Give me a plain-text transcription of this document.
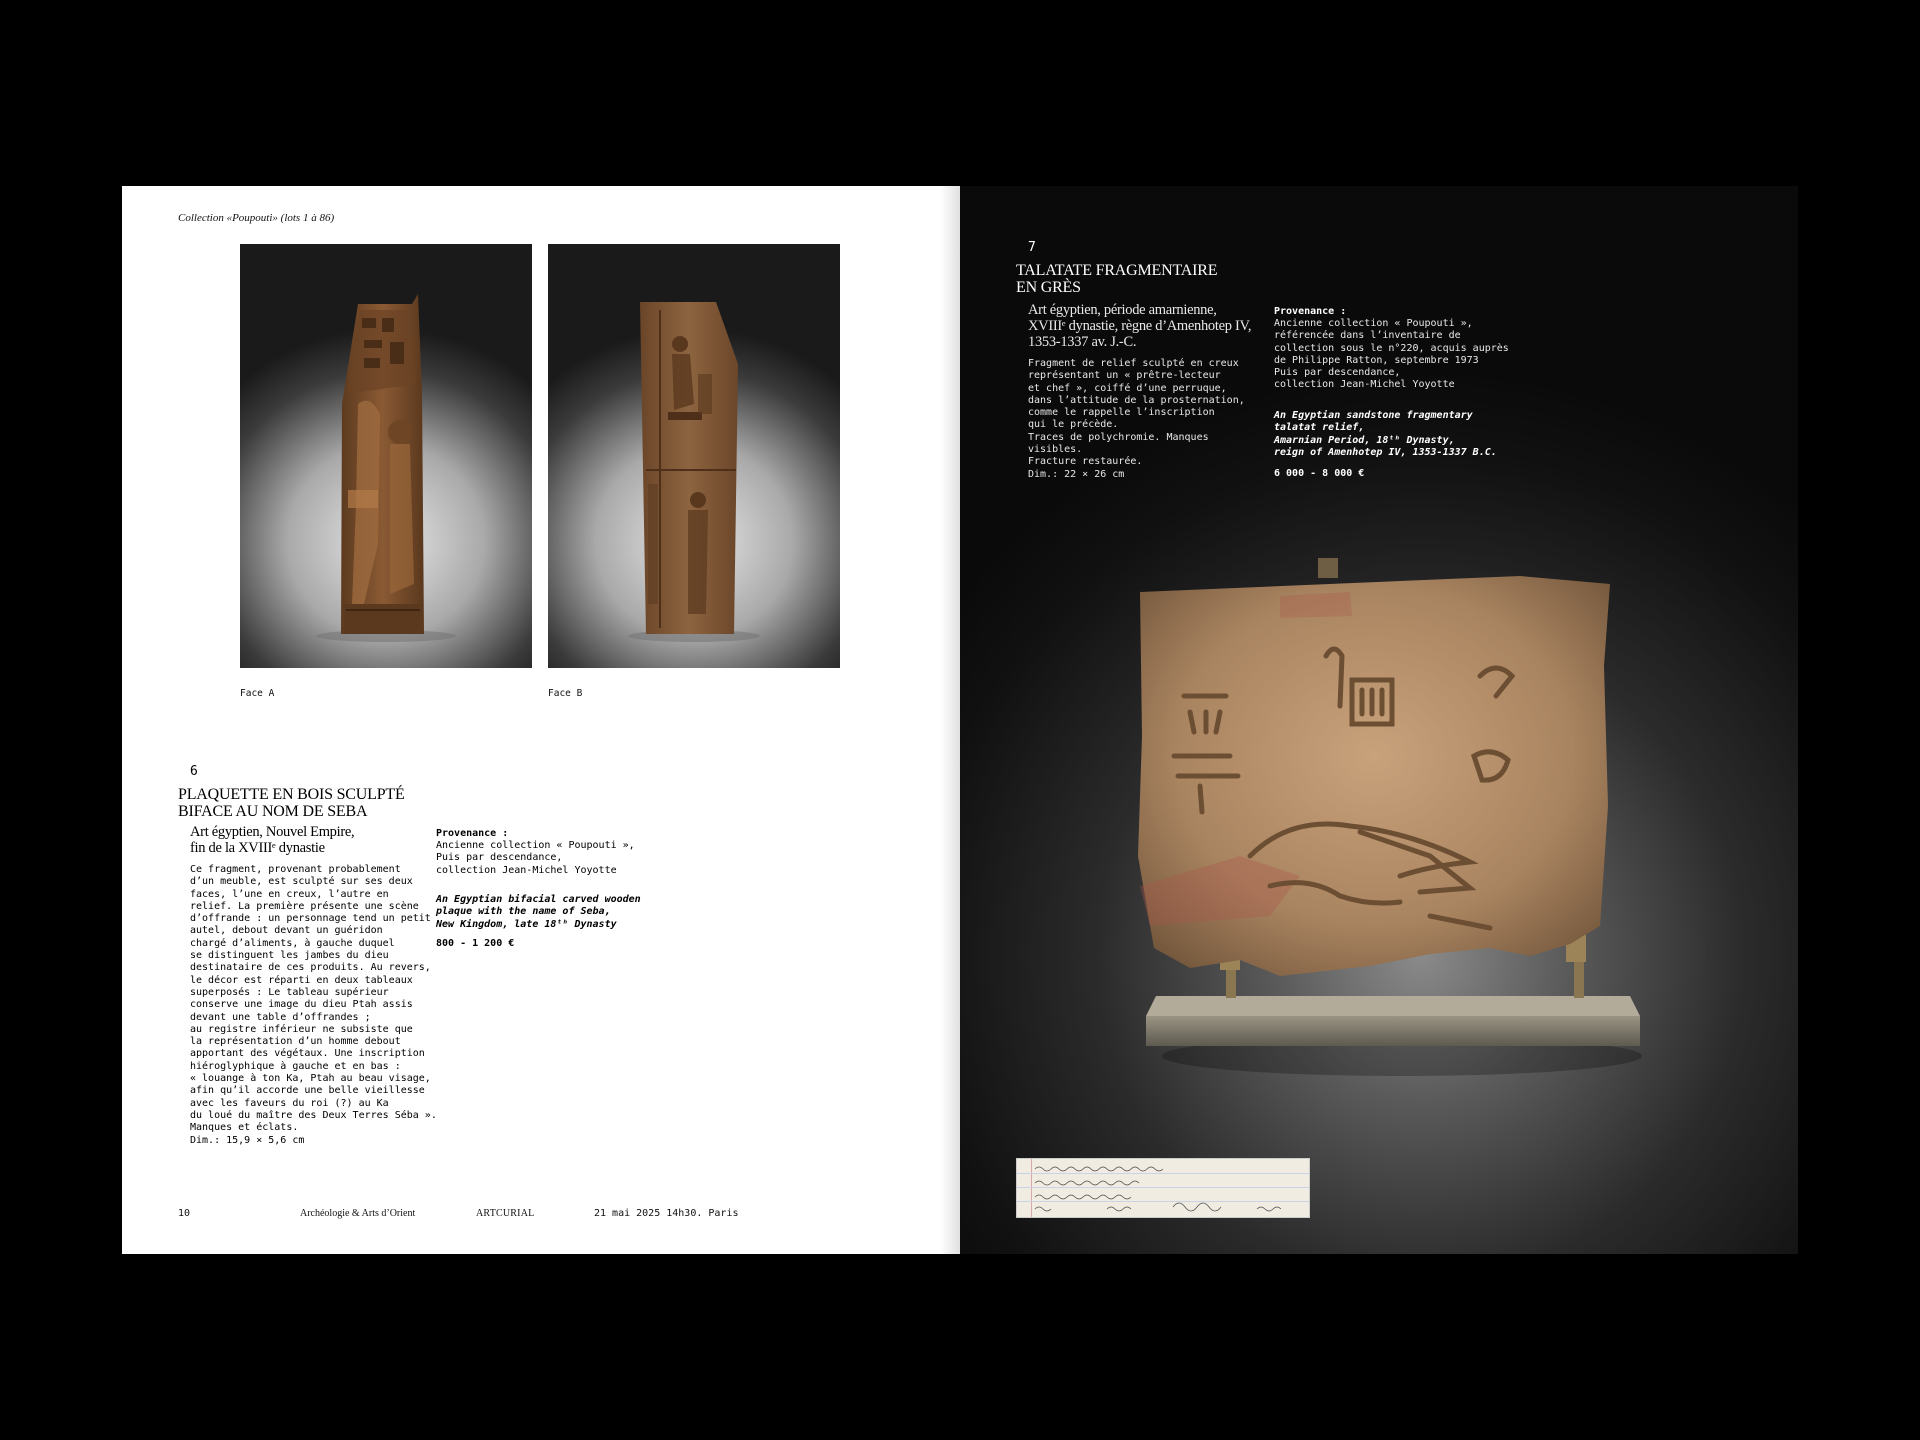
Collection «Poupouti» (lots 1 à 86)
Face A	Face B
6
PLAQUETTE EN BOIS SCULPTÉ
BIFACE AU NOM DE SEBA
Art égyptien, Nouvel Empire,
fin de la XVIIIᵉ dynastie
Ce fragment, provenant probablement
d’un meuble, est sculpté sur ses deux
faces, l’une en creux, l’autre en
relief. La première présente une scène
d’offrande : un personnage tend un petit
autel, debout devant un guéridon
chargé d’aliments, à gauche duquel
se distinguent les jambes du dieu
destinataire de ces produits. Au revers,
le décor est réparti en deux tableaux
superposés : Le tableau supérieur
conserve une image du dieu Ptah assis
devant une table d’offrandes ;
au registre inférieur ne subsiste que
la représentation d’un homme debout
apportant des végétaux. Une inscription
hiéroglyphique à gauche et en bas :
« louange à ton Ka, Ptah au beau visage,
afin qu’il accorde une belle vieillesse
avec les faveurs du roi (?) au Ka
du loué du maître des Deux Terres Séba ».
Manques et éclats.
Dim.: 15,9 × 5,6 cm
Provenance :
Ancienne collection « Poupouti »,
Puis par descendance,
collection Jean-Michel Yoyotte
An Egyptian bifacial carved wooden
plaque with the name of Seba,
New Kingdom, late 18ᵗʰ Dynasty
800 - 1 200 €
10	Archéologie & Arts d’Orient	ARTCURIAL	21 mai 2025 14h30. Paris
7
TALATATE FRAGMENTAIRE
EN GRÈS
Art égyptien, période amarnienne,
XVIIIᵉ dynastie, règne d’Amenhotep IV,
1353-1337 av. J.-C.
Fragment de relief sculpté en creux
représentant un « prêtre-lecteur
et chef », coiffé d’une perruque,
dans l’attitude de la prosternation,
comme le rappelle l’inscription
qui le précède.
Traces de polychromie. Manques visibles.
Fracture restaurée.
Dim.: 22 × 26 cm
Provenance :
Ancienne collection « Poupouti »,
référencée dans l’inventaire de
collection sous le n°220, acquis auprès
de Philippe Ratton, septembre 1973
Puis par descendance,
collection Jean-Michel Yoyotte
An Egyptian sandstone fragmentary
talatat relief,
Amarnian Period, 18ᵗʰ Dynasty,
reign of Amenhotep IV, 1353-1337 B.C.
6 000 - 8 000 €
